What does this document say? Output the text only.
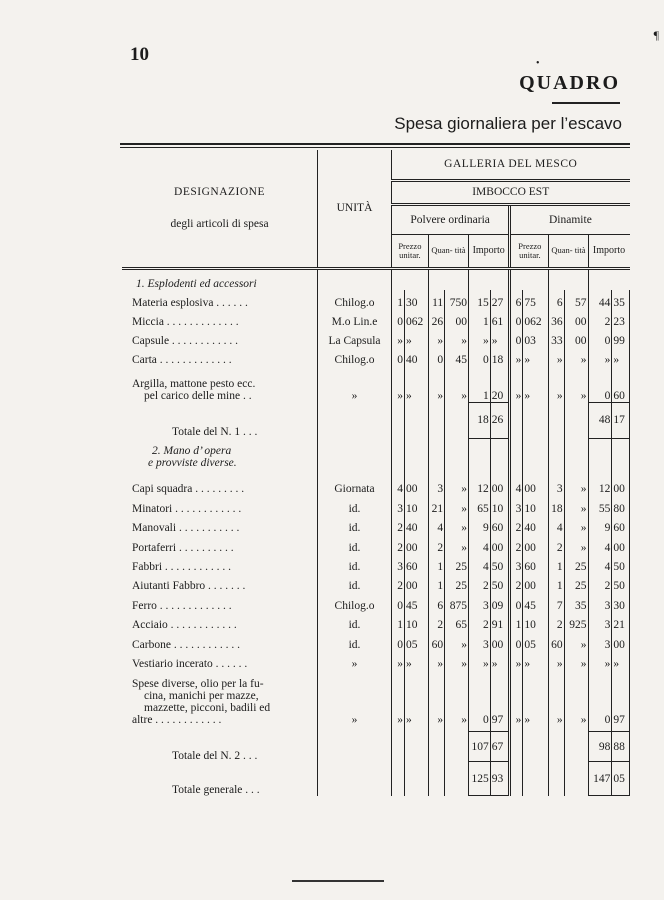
10	•
¶
QUADRO
Spesa giornaliera per l’escavo
DESIGNAZIONE
degli articoli di spesa	UNITÀ	GALLERIA DEL MESCO											
		IMBOCCO EST											
		Polvere ordinaria						Dinamite					
		Prezzo unitar.		Quan- tità		Importo		Prezzo unitar.		Quan- tità		Importo	
1. Esplodenti ed accessori													

Materia esplosiva . . . . . .	Chilog.o	1	30	11	750	15	27	6	75	6	57	44	35

Miccia . . . . . . . . . . . . .	M.o Lin.e	0	062	26	00	1	61	0	062	36	00	2	23

Capsule . . . . . . . . . . . .	La Capsula	»	»	»	»	»	»	0	03	33	00	0	99

Carta . . . . . . . . . . . . .	Chilog.o	0	40	0	45	0	18	»	»	»	»	»	»

Argilla, mattone pesto ecc.
pel carico delle mine . .	»	»	»	»	»	1	20	»	»	»	»	0	60
Totale del N. 1 . . .						18	26					48	17

2. Mano d’ opera
e provviste diverse.													

Capi squadra . . . . . . . . .	Giornata	4	00	3	»	12	00	4	00	3	»	12	00

Minatori . . . . . . . . . . . .	id.	3	10	21	»	65	10	3	10	18	»	55	80

Manovali . . . . . . . . . . .	id.	2	40	4	»	9	60	2	40	4	»	9	60

Portaferri . . . . . . . . . .	id.	2	00	2	»	4	00	2	00	2	»	4	00

Fabbri . . . . . . . . . . . .	id.	3	60	1	25	4	50	3	60	1	25	4	50

Aiutanti Fabbro . . . . . . .	id.	2	00	1	25	2	50	2	00	1	25	2	50

Ferro . . . . . . . . . . . . .	Chilog.o	0	45	6	875	3	09	0	45	7	35	3	30

Acciaio . . . . . . . . . . . .	id.	1	10	2	65	2	91	1	10	2	925	3	21

Carbone . . . . . . . . . . . .	id.	0	05	60	»	3	00	0	05	60	»	3	00

Vestiario incerato . . . . . .	»	»	»	»	»	»	»	»	»	»	»	»	»

Spese diverse, olio per la fu-
cina, manichi per mazze,
mazzette, picconi, badili ed
altre . . . . . . . . . . . .	»	»	»	»	»	0	97	»	»	»	»	0	97

Totale del N. 2 . . .						107	67					98	88
Totale generale . . .						125	93					147	05
